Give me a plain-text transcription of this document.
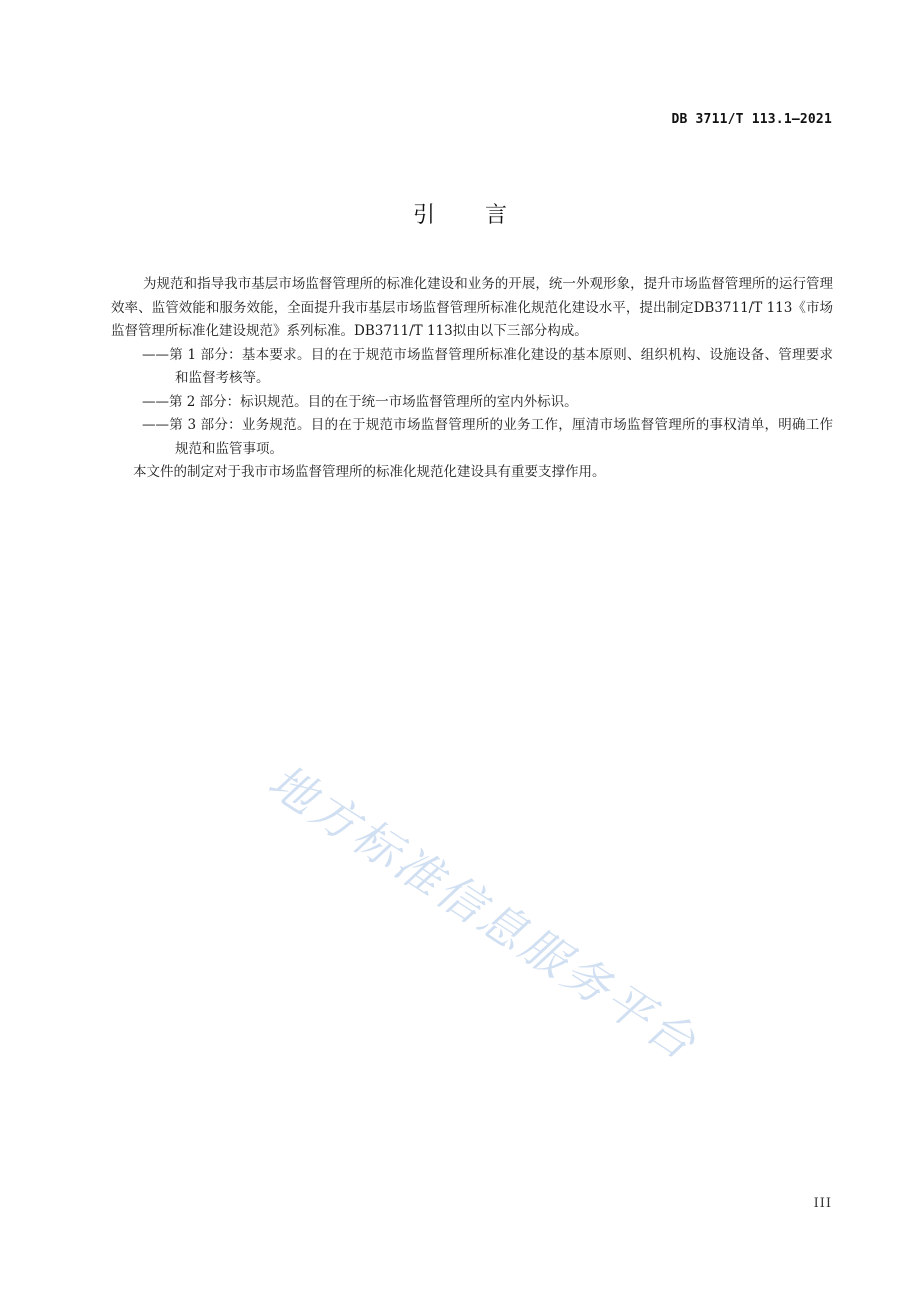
DB 3711/T 113.1—2021
引 言

为规范和指导我市基层市场监督管理所的标准化建设和业务的开展，统一外观形象，提升市场监督管理所的运行管理效率、监管效能和服务效能，全面提升我市基层市场监督管理所标准化规范化建设水平，提出制定DB3711/T 113《市场监督管理所标准化建设规范》系列标准。DB3711/T 113拟由以下三部分构成。

——第 1 部分：基本要求。目的在于规范市场监督管理所标准化建设的基本原则、组织机构、设施设备、管理要求和监督考核等。

——第 2 部分：标识规范。目的在于统一市场监督管理所的室内外标识。

——第 3 部分：业务规范。目的在于规范市场监督管理所的业务工作，厘清市场监督管理所的事权清单，明确工作规范和监管事项。

本文件的制定对于我市市场监督管理所的标准化规范化建设具有重要支撑作用。

地方标准信息服务平台
III
